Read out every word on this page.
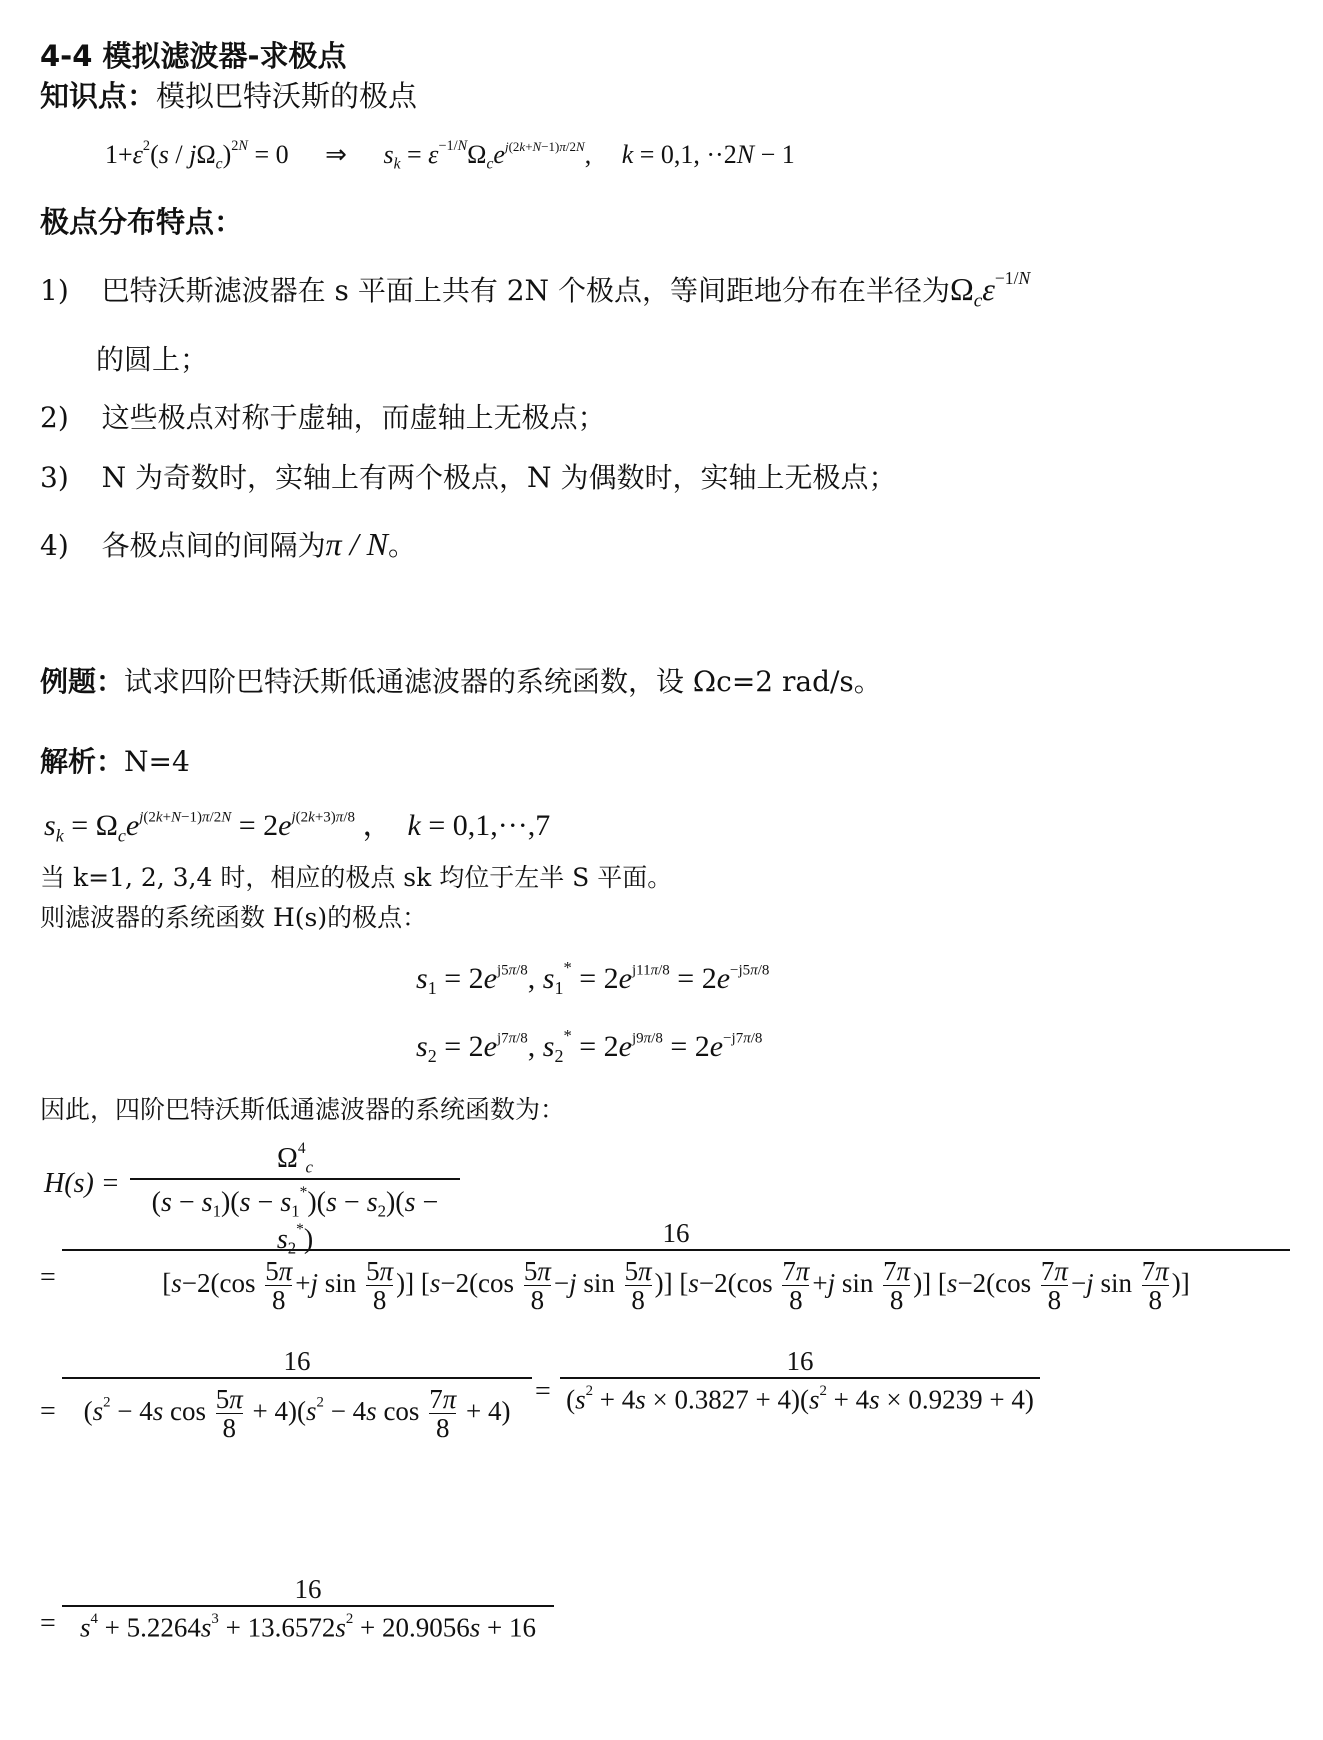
4-4 模拟滤波器-求极点
知识点：模拟巴特沃斯的极点
$1+\varepsilon^2(s / j\Omega_c)^{2N} = 0$ ⇒ $s_k = \varepsilon^{-1/N}\Omega_ce^{j(2k+N-1)\pi/2N}$, k = 0,1, ··2N − 1
极点分布特点：
1) 巴特沃斯滤波器在 s 平面上共有 2N 个极点，等间距地分布在半径为$\Omega_c\varepsilon^{-1/N}$
的圆上；
2) 这些极点对称于虚轴，而虚轴上无极点；
3) N 为奇数时，实轴上有两个极点，N 为偶数时，实轴上无极点；
4) 各极点间的间隔为π / N。
例题：试求四阶巴特沃斯低通滤波器的系统函数，设 Ωc=2 rad/s。
解析：N=4
$s_k = \Omega_ce^{j(2k+N-1)\pi/2N} = 2e^{j(2k+3)\pi/8}$ ，  k = 0,1,···,7
当 k=1, 2, 3,4 时，相应的极点 sk 均位于左半 S 平面。
则滤波器的系统函数 H(s)的极点：
$s_1 = 2e^{j5\pi/8}$, $s_1^* = 2e^{j11\pi/8} = 2e^{-j5\pi/8}$
$s_2 = 2e^{j7\pi/8}$, $s_2^* = 2e^{j9\pi/8} = 2e^{-j7\pi/8}$
因此，四阶巴特沃斯低通滤波器的系统函数为：
$H(s) = \frac{\Omega^4_c}{(s - s_1)(s - s_1^*)(s - s_2)(s - s_2^*)}$
=
16
[$s-2(\cos \frac{5\pi}{8} +j$ $\sin \frac{5\pi}{8}$ )] [$s-2(\cos \frac{5\pi}{8} -j$ $\sin \frac{5\pi}{8}$ )] [$s-2(\cos \frac{7\pi}{8} +j$ $\sin \frac{7\pi}{8}$ )] [$s-2(\cos \frac{7\pi}{8} -j$ $\sin \frac{7\pi}{8}$ )]
= $\frac{16}{(s^2 - 4s \cos \frac{5\pi}{8} + 4)(s^2 - 4s \cos \frac{7\pi}{8} + 4)} = \frac{16}{(s^2 + 4s \times 0.3827 + 4)(s^2 + 4s \times 0.9239 + 4)}$
= $\frac{16}{s^4 + 5.2264s^3 + 13.6572s^2 + 20.9056s + 16}$
